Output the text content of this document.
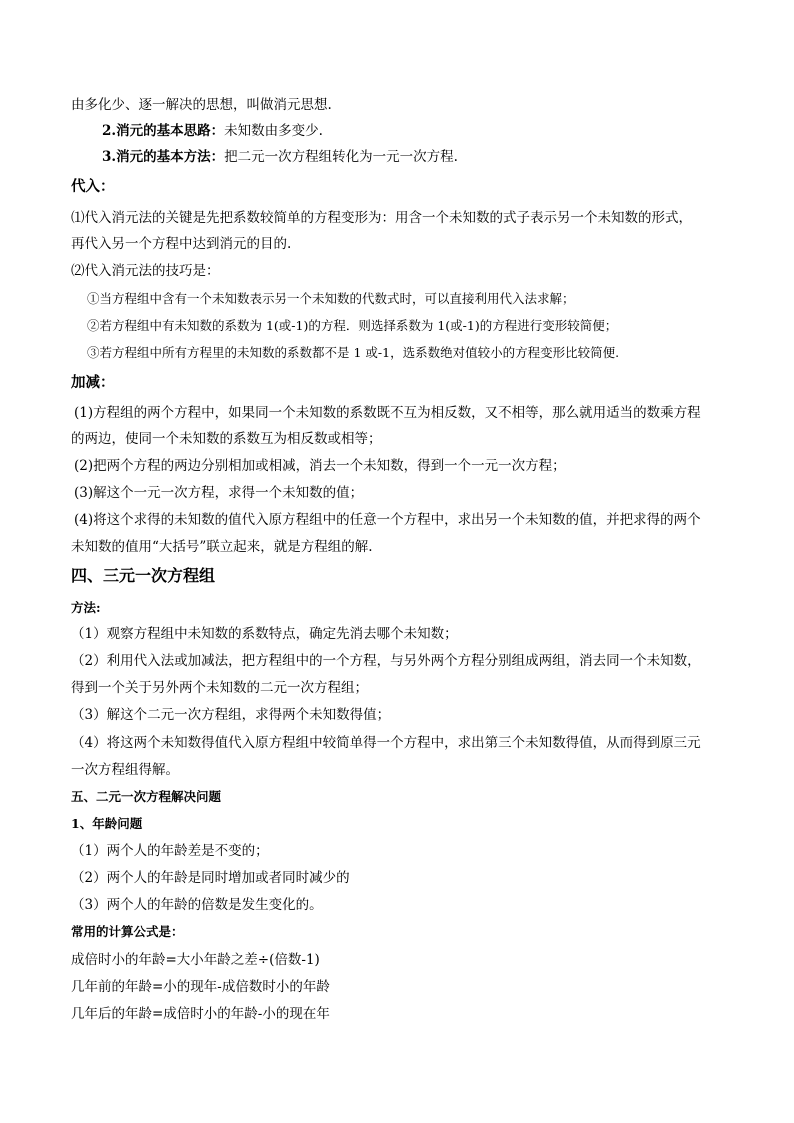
由多化少、逐一解决的思想，叫做消元思想.
2.消元的基本思路：未知数由多变少.
3.消元的基本方法：把二元一次方程组转化为一元一次方程.
代入：
⑴代入消元法的关键是先把系数较简单的方程变形为：用含一个未知数的式子表示另一个未知数的形式，
再代入另一个方程中达到消元的目的.
⑵代入消元法的技巧是：
①当方程组中含有一个未知数表示另一个未知数的代数式时，可以直接利用代入法求解；
②若方程组中有未知数的系数为 1(或-1)的方程．则选择系数为 1(或-1)的方程进行变形较简便；
③若方程组中所有方程里的未知数的系数都不是 1 或-1，选系数绝对值较小的方程变形比较简便.
加减：
(1)方程组的两个方程中，如果同一个未知数的系数既不互为相反数，又不相等，那么就用适当的数乘方程
的两边，使同一个未知数的系数互为相反数或相等；
(2)把两个方程的两边分别相加或相减，消去一个未知数，得到一个一元一次方程；
(3)解这个一元一次方程，求得一个未知数的值；
(4)将这个求得的未知数的值代入原方程组中的任意一个方程中，求出另一个未知数的值，并把求得的两个
未知数的值用“大括号”联立起来，就是方程组的解.
四、三元一次方程组
方法:
（1）观察方程组中未知数的系数特点，确定先消去哪个未知数；
（2）利用代入法或加减法，把方程组中的一个方程，与另外两个方程分别组成两组，消去同一个未知数，
得到一个关于另外两个未知数的二元一次方程组；
（3）解这个二元一次方程组，求得两个未知数得值；
（4）将这两个未知数得值代入原方程组中较简单得一个方程中，求出第三个未知数得值，从而得到原三元
一次方程组得解。
五、二元一次方程解决问题
1、年龄问题
（1）两个人的年龄差是不变的；
（2）两个人的年龄是同时增加或者同时减少的
（3）两个人的年龄的倍数是发生变化的。
常用的计算公式是：
成倍时小的年龄=大小年龄之差÷(倍数-1)
几年前的年龄=小的现年-成倍数时小的年龄
几年后的年龄=成倍时小的年龄-小的现在年
